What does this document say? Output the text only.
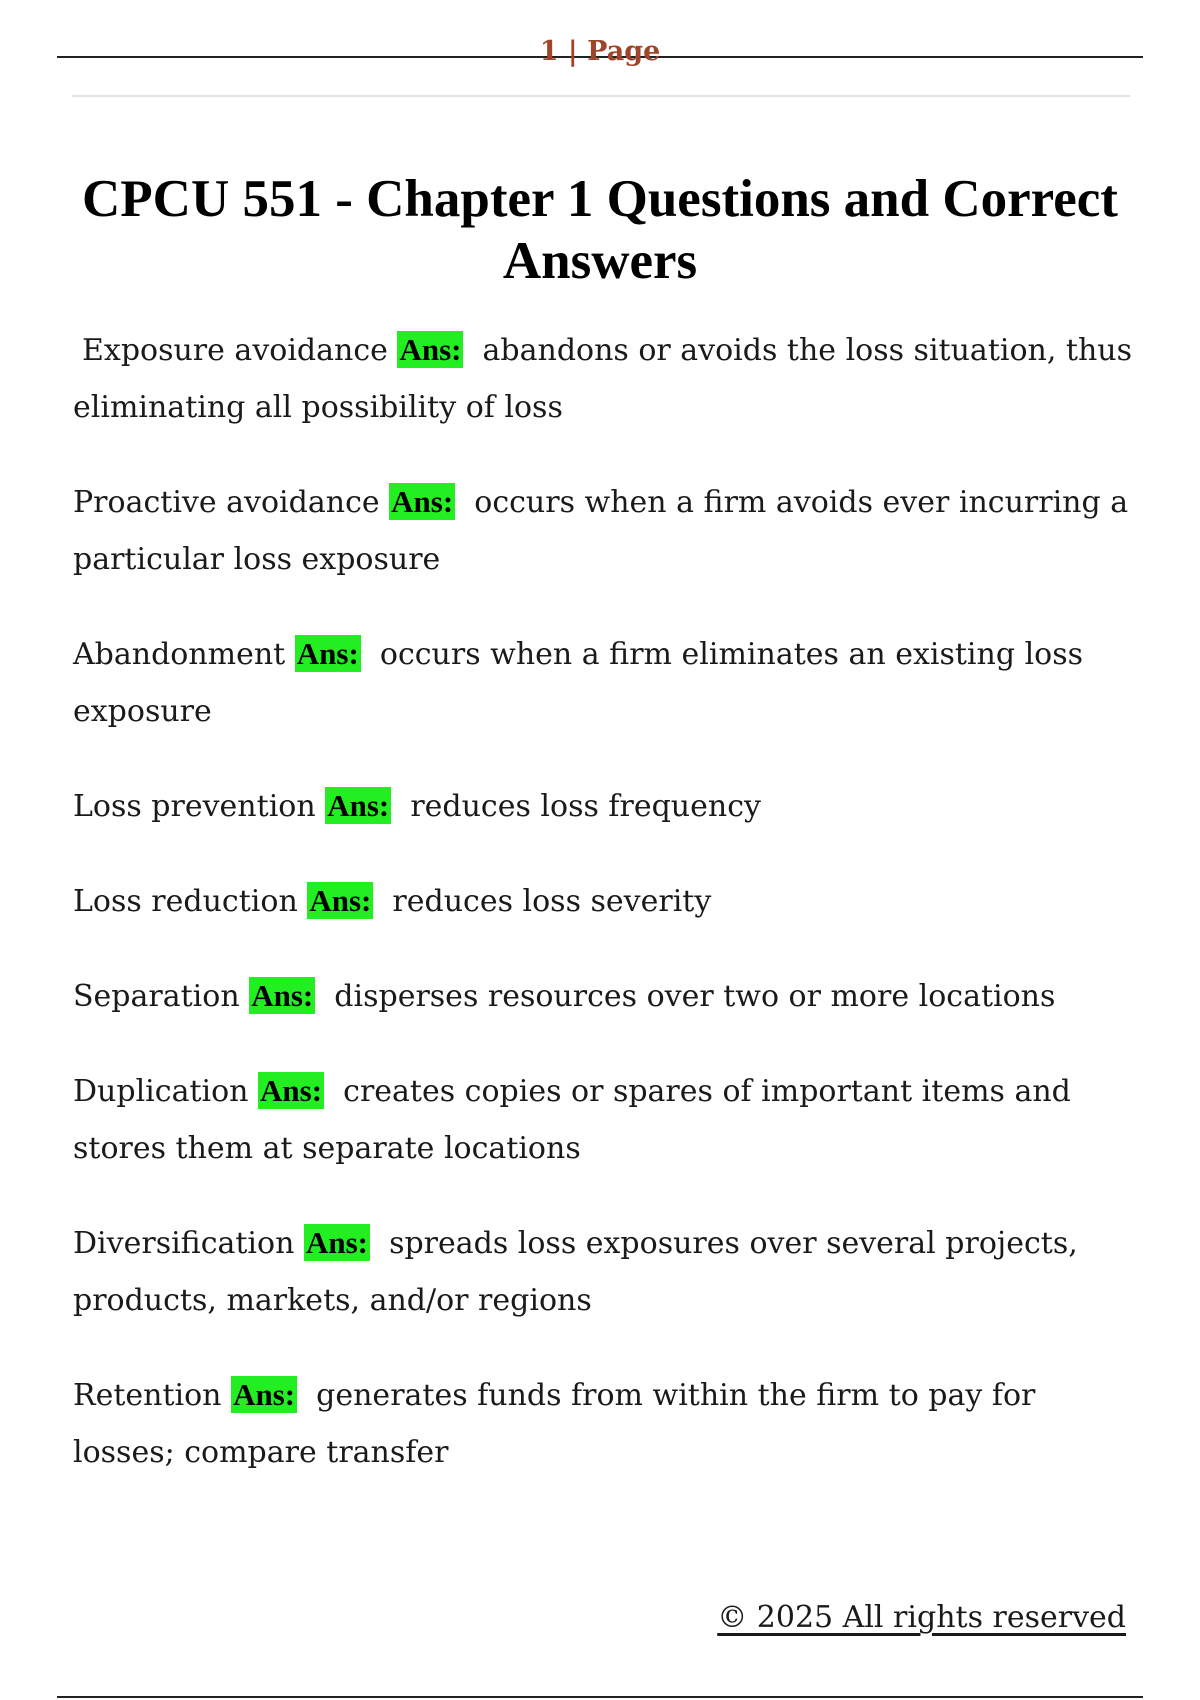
1 | Page
CPCU 551 - Chapter 1 Questions and Correct Answers
Exposure avoidance Ans: abandons or avoids the loss situation, thus eliminating all possibility of loss
Proactive avoidance Ans: occurs when a firm avoids ever incurring a particular loss exposure
Abandonment Ans: occurs when a firm eliminates an existing loss exposure
Loss prevention Ans: reduces loss frequency
Loss reduction Ans: reduces loss severity
Separation Ans: disperses resources over two or more locations
Duplication Ans: creates copies or spares of important items and stores them at separate locations
Diversification Ans: spreads loss exposures over several projects, products, markets, and/or regions
Retention Ans: generates funds from within the firm to pay for losses; compare transfer
© 2025 All rights reserved
